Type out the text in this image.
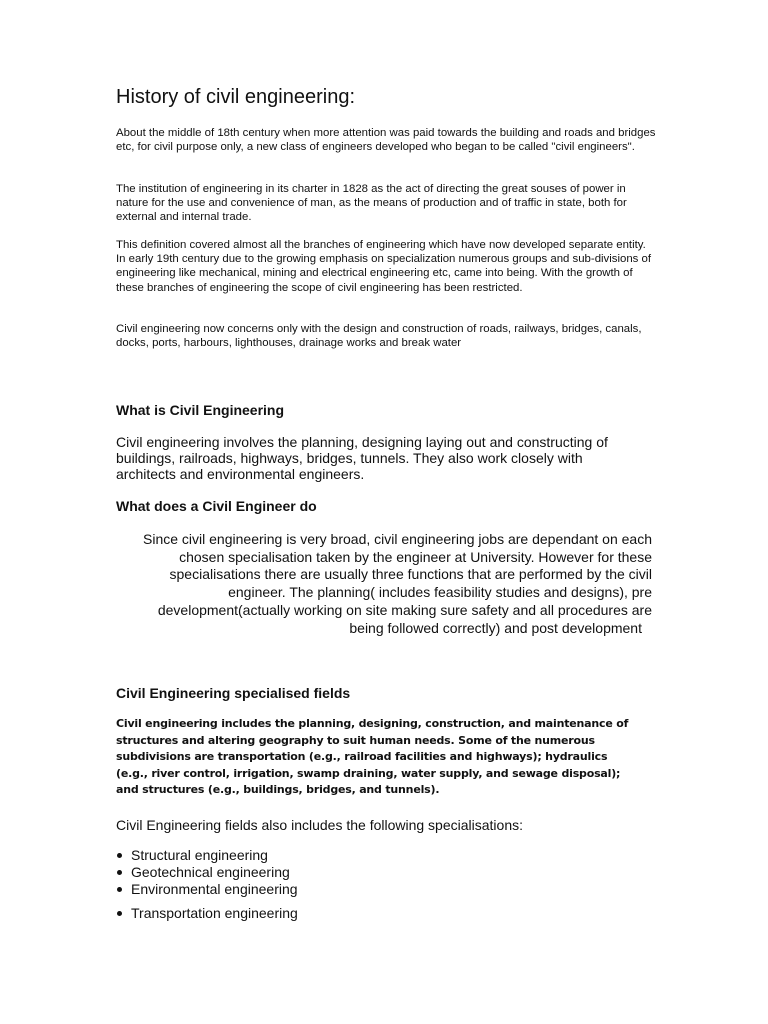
History of civil engineering:

About the middle of 18th century when more attention was paid towards the building and roads and bridges etc, for civil purpose only, a new class of engineers developed who began to be called "civil engineers".

The institution of engineering in its charter in 1828 as the act of directing the great souses of power in nature for the use and convenience of man, as the means of production and of traffic in state, both for external and internal trade.

This definition covered almost all the branches of engineering which have now developed separate entity. In early 19th century due to the growing emphasis on specialization numerous groups and sub-divisions of engineering like mechanical, mining and electrical engineering etc, came into being. With the growth of these branches of engineering the scope of civil engineering has been restricted.

Civil engineering now concerns only with the design and construction of roads, railways, bridges, canals, docks, ports, harbours, lighthouses, drainage works and break water

What is Civil Engineering

Civil engineering involves the planning, designing laying out and constructing of buildings, railroads, highways, bridges, tunnels. They also work closely with architects and environmental engineers.

What does a Civil Engineer do
Since civil engineering is very broad, civil engineering jobs are dependant on each
chosen specialisation taken by the engineer at University. However for these
specialisations there are usually three functions that are performed by the civil
engineer. The planning( includes feasibility studies and designs), pre
development(actually working on site making sure safety and all procedures are
being followed correctly) and post development
Civil Engineering specialised fields

Civil engineering includes the planning, designing, construction, and maintenance of structures and altering geography to suit human needs. Some of the numerous subdivisions are transportation (e.g., railroad facilities and highways); hydraulics (e.g., river control, irrigation, swamp draining, water supply, and sewage disposal); and structures (e.g., buildings, bridges, and tunnels).

Civil Engineering fields also includes the following specialisations:

Structural engineering
Geotechnical engineering
Environmental engineering
Transportation engineering
